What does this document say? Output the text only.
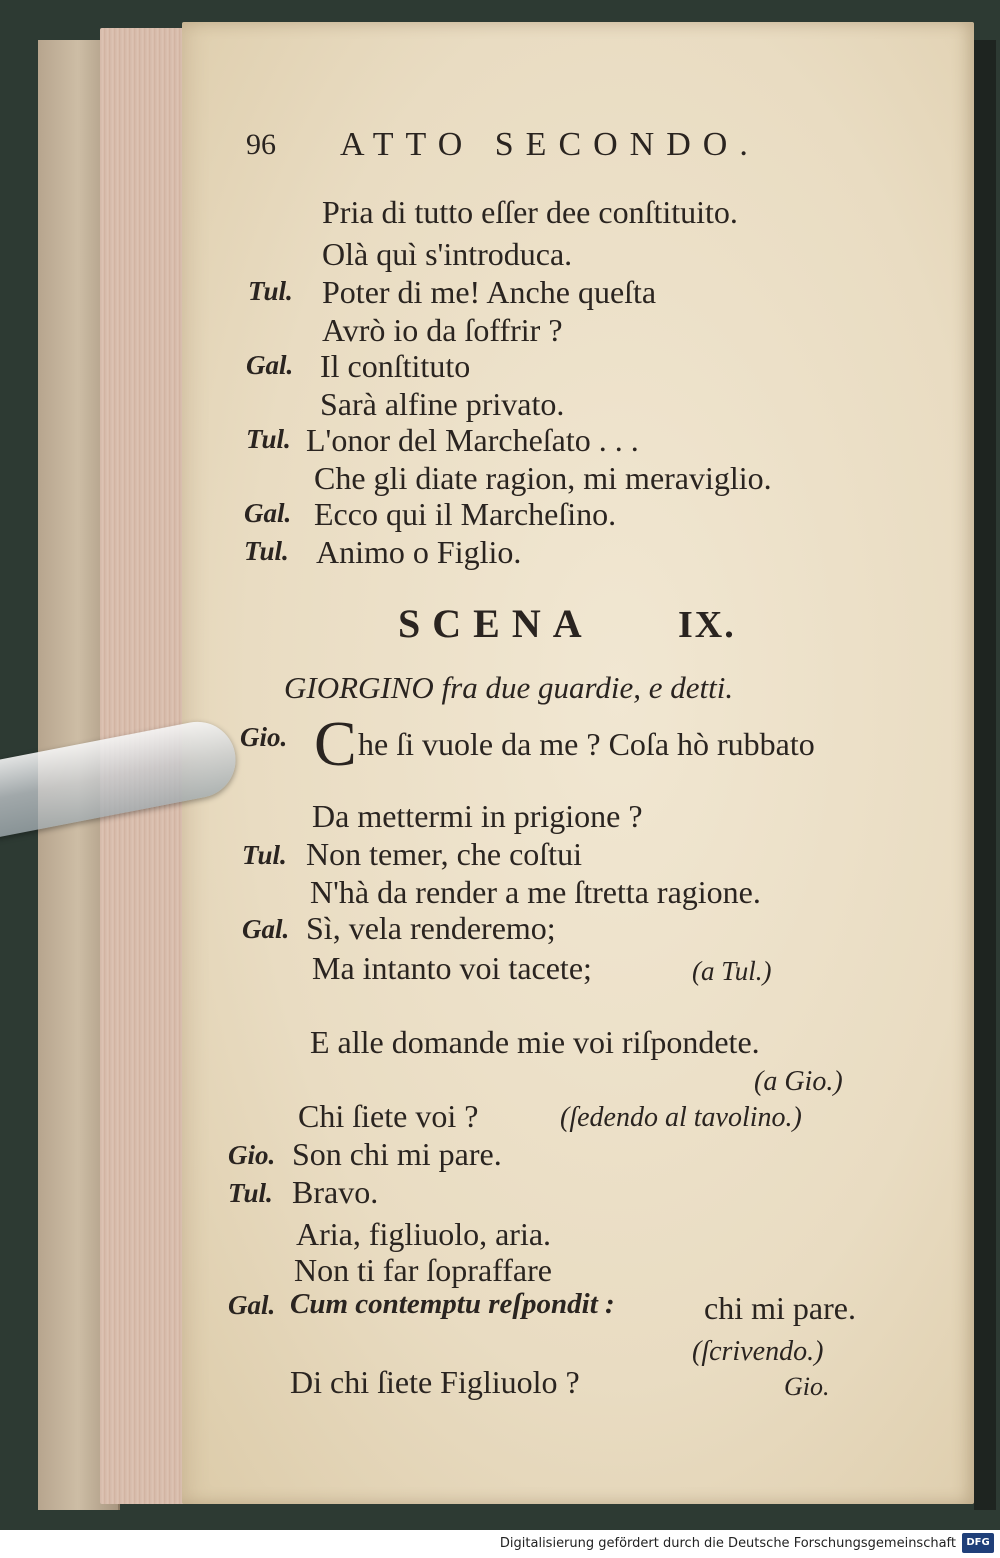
96 ATTO SECONDO.
Pria di tutto eſſer dee conſtituito.
Olà quì s'introduca.
Tul. Poter di me! Anche queſta
Avrò io da ſoffrir ?
Gal. Il conſtituto
Sarà alfine privato.
Tul. L'onor del Marcheſato . . .
Che gli diate ragion, mi meraviglio.
Gal. Ecco qui il Marcheſino.
Tul. Animo o Figlio.
SCENA IX.
GIORGINO fra due guardie, e detti.
Gio. C he ſi vuole da me ? Coſa hò rubbato
Da mettermi in prigione ?
Tul. Non temer, che coſtui
N'hà da render a me ſtretta ragione.
Gal. Sì, vela renderemo;
Ma intanto voi tacete;	(a Tul.)
E alle domande mie voi riſpondete.
(a Gio.)
Chi ſiete voi ?	(ſedendo al tavolino.)
Gio. Son chi mi pare.
Tul. Bravo.
Aria, figliuolo, aria.
Non ti far ſopraffare
Gal. Cum contemptu reſpondit :	chi mi pare.
(ſcrivendo.)
Di chi ſiete Figliuolo ?	Gio.
Digitalisierung gefördert durch die Deutsche Forschungsgemeinschaft	DFG
